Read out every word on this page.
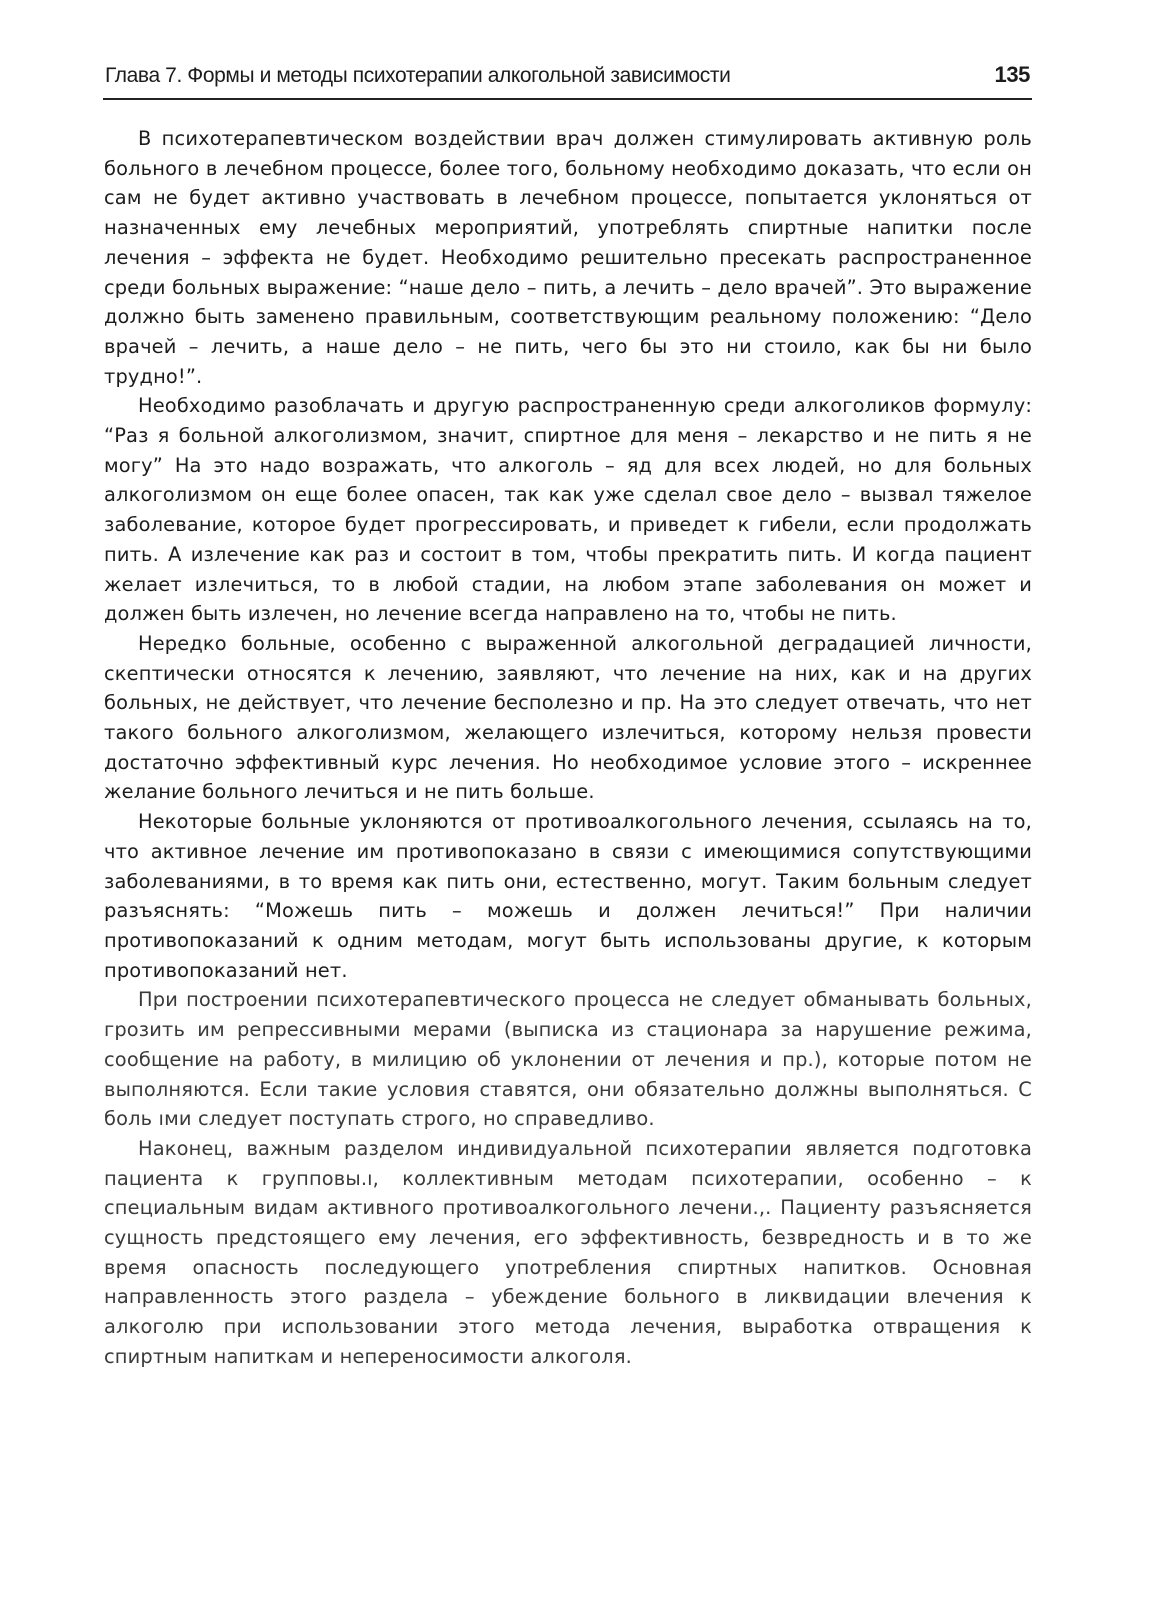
Глава 7. Формы и методы психотерапии алкогольной зависимости	135

В психотерапевтическом воздействии врач должен стимулировать активную роль больного в лечебном процессе, более того, больному необходимо доказать, что если он сам не будет активно участвовать в лечебном процессе, попытается уклоняться от назначенных ему лечебных мероприятий, употреблять спиртные напитки после лечения – эффекта не будет. Необходимо решительно пресекать распространенное среди больных выражение: “наше дело – пить, а лечить – дело врачей”. Это выражение должно быть заменено правильным, соответствующим реальному положению: “Дело врачей – лечить, а наше дело – не пить, чего бы это ни стоило, как бы ни было трудно!”.

Необходимо разоблачать и другую распространенную среди алкоголиков формулу: “Раз я больной алкоголизмом, значит, спиртное для меня – лекарство и не пить я не могу” На это надо возражать, что алкоголь – яд для всех людей, но для больных алкоголизмом он еще более опасен, так как уже сделал свое дело – вызвал тяжелое заболевание, которое будет прогрессировать, и приведет к гибели, если продолжать пить. А излечение как раз и состоит в том, чтобы прекратить пить. И когда пациент желает излечиться, то в любой стадии, на любом этапе заболевания он может и должен быть излечен, но лечение всегда направлено на то, чтобы не пить.

Нередко больные, особенно с выраженной алкогольной деградацией личности, скептически относятся к лечению, заявляют, что лечение на них, как и на других больных, не действует, что лечение бесполезно и пр. На это следует отвечать, что нет такого больного алкоголизмом, желающего излечиться, которому нельзя провести достаточно эффективный курс лечения. Но необходимое условие этого – искреннее желание больного лечиться и не пить больше.

Некоторые больные уклоняются от противоалкогольного лечения, ссылаясь на то, что активное лечение им противопоказано в связи с имеющимися сопутствующими заболеваниями, в то время как пить они, естественно, могут. Таким больным следует разъяснять: “Можешь пить – можешь и должен лечиться!” При наличии противопоказаний к одним методам, могут быть использованы другие, к которым противопоказаний нет.

При построении психотерапевтического процесса не следует обманывать больных, грозить им репрессивными мерами (выписка из стационара за нарушение режима, сообщение на работу, в милицию об уклонении от лечения и пр.), которые потом не выполняются. Если такие условия ставятся, они обязательно должны выполняться. С боль ıми следует поступать строго, но справедливо.

Наконец, важным разделом индивидуальной психотерапии является подготовка пациента к групповы.ı, коллективным методам психотерапии, особенно – к специальным видам активного противоалкогольного лечени.,. Пациенту разъясняется сущность предстоящего ему лечения, его эффективность, безвредность и в то же время опасность последующего употребления спиртных напитков. Основная направленность этого раздела – убеждение больного в ликвидации влечения к алкоголю при использовании этого метода лечения, выработка отвращения к спиртным напиткам и непереносимости алкоголя.
